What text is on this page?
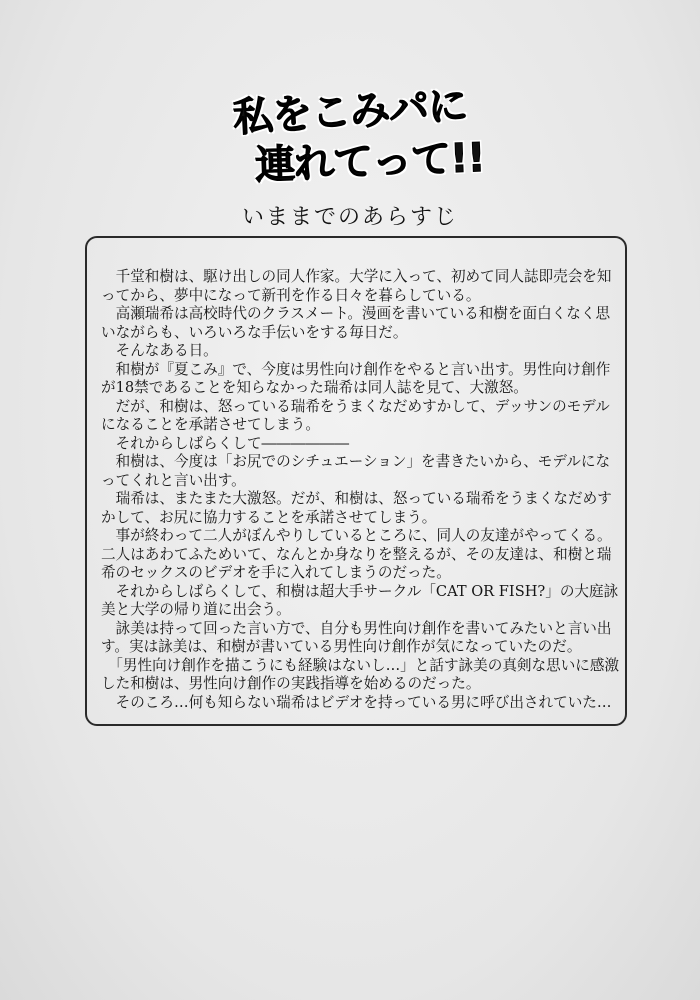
私をこみパに
連れてって!!
いままでのあらすじ

　千堂和樹は、駆け出しの同人作家。大学に入って、初めて同人誌即売会を知ってから、夢中になって新刊を作る日々を暮らしている。

　高瀬瑞希は高校時代のクラスメート。漫画を書いている和樹を面白くなく思いながらも、いろいろな手伝いをする毎日だ。

　そんなある日。

　和樹が『夏こみ』で、今度は男性向け創作をやると言い出す。男性向け創作が18禁であることを知らなかった瑞希は同人誌を見て、大激怒。

　だが、和樹は、怒っている瑞希をうまくなだめすかして、デッサンのモデルになることを承諾させてしまう。

　それからしばらくして――――――

　和樹は、今度は「お尻でのシチュエーション」を書きたいから、モデルになってくれと言い出す。

　瑞希は、またまた大激怒。だが、和樹は、怒っている瑞希をうまくなだめすかして、お尻に協力することを承諾させてしまう。

　事が終わって二人がぼんやりしているところに、同人の友達がやってくる。二人はあわてふためいて、なんとか身なりを整えるが、その友達は、和樹と瑞希のセックスのビデオを手に入れてしまうのだった。

　それからしばらくして、和樹は超大手サークル「CAT OR FISH?」の大庭詠美と大学の帰り道に出会う。

　詠美は持って回った言い方で、自分も男性向け創作を書いてみたいと言い出す。実は詠美は、和樹が書いている男性向け創作が気になっていたのだ。

　「男性向け創作を描こうにも経験はないし…」と話す詠美の真剣な思いに感激した和樹は、男性向け創作の実践指導を始めるのだった。

　そのころ…何も知らない瑞希はビデオを持っている男に呼び出されていた…
